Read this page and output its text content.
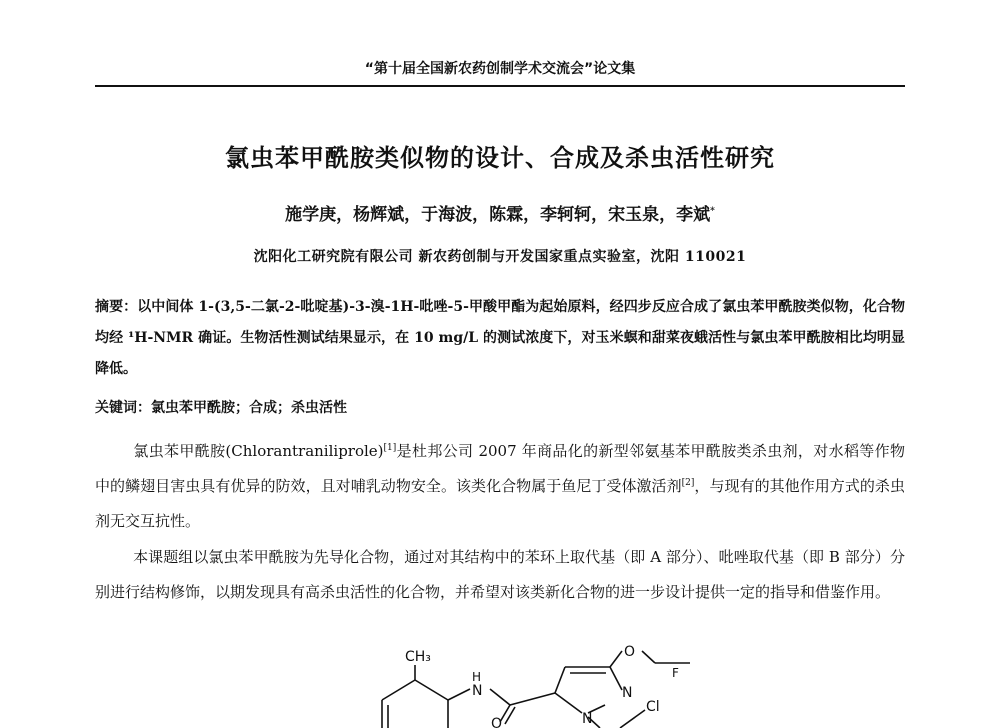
“第十届全国新农药创制学术交流会”论文集
氯虫苯甲酰胺类似物的设计、合成及杀虫活性研究
施学庚，杨辉斌，于海波，陈霖，李轲轲，宋玉泉，李斌*
沈阳化工研究院有限公司 新农药创制与开发国家重点实验室，沈阳 110021
摘要：以中间体 1-(3,5-二氯-2-吡啶基)-3-溴-1H-吡唑-5-甲酸甲酯为起始原料，经四步反应合成了氯虫苯甲酰胺类似物，化合物均经 ¹H-NMR 确证。生物活性测试结果显示，在 10 mg/L 的测试浓度下，对玉米螟和甜菜夜蛾活性与氯虫苯甲酰胺相比均明显降低。
关键词：氯虫苯甲酰胺；合成；杀虫活性
氯虫苯甲酰胺(Chlorantraniliprole)[1]是杜邦公司 2007 年商品化的新型邻氨基苯甲酰胺类杀虫剂，对水稻等作物中的鳞翅目害虫具有优异的防效，且对哺乳动物安全。该类化合物属于鱼尼丁受体激活剂[2]，与现有的其他作用方式的杀虫剂无交互抗性。
本课题组以氯虫苯甲酰胺为先导化合物，通过对其结构中的苯环上取代基（即 A 部分）、吡唑取代基（即 B 部分）分别进行结构修饰，以期发现具有高杀虫活性的化合物，并希望对该类新化合物的进一步设计提供一定的指导和借鉴作用。
CH₃
N
H
N
N
O
F
Cl
O
